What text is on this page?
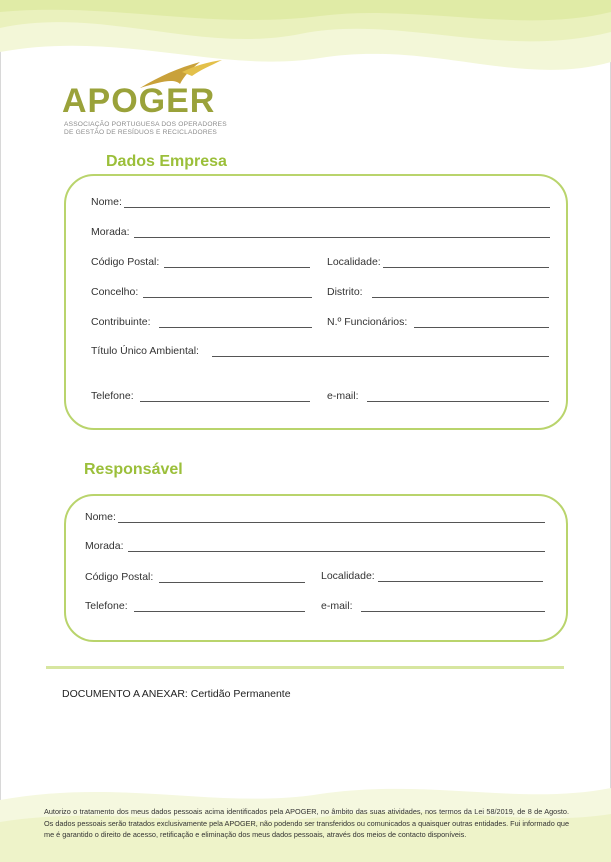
APOGER
ASSOCIAÇÃO PORTUGUESA DOS OPERADORES
DE GESTÃO DE RESÍDUOS E RECICLADORES
Dados Empresa
Nome:
Morada:
Código Postal:	Localidade:
Concelho:	Distrito:
Contribuinte:	N.º Funcionários:
Título Único Ambiental:
Telefone:	e-mail:
Responsável
Nome:
Morada:
Código Postal:	Localidade:
Telefone:	e-mail:
DOCUMENTO A ANEXAR: Certidão Permanente
Autorizo o tratamento dos meus dados pessoais acima identificados pela APOGER, no âmbito das suas atividades, nos termos da Lei 58/2019, de 8 de Agosto. Os dados pessoais serão tratados exclusivamente pela APOGER, não podendo ser transferidos ou comunicados a quaisquer outras entidades. Fui informado que me é garantido o direito de acesso, retificação e eliminação dos meus dados pessoais, através dos meios de contacto disponíveis.
